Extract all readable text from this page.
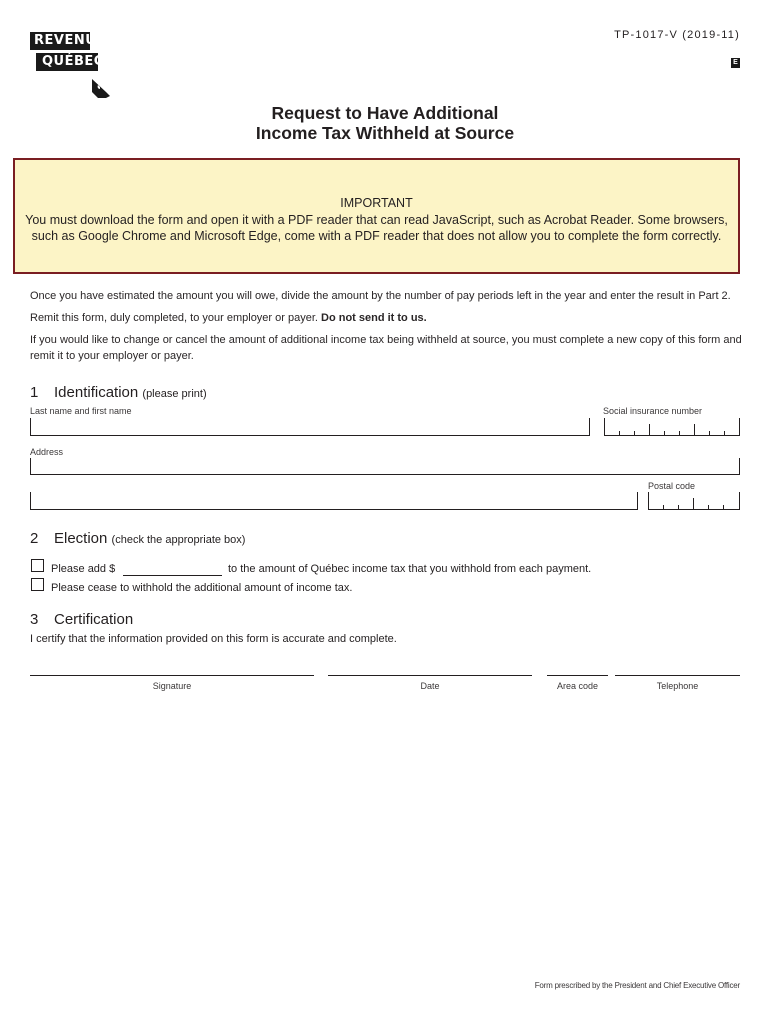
REVENU
QUÉBEC
TP-1017-V (2019-11)
E
Request to Have Additional
Income Tax Withheld at Source
IMPORTANT
You must download the form and open it with a PDF reader that can read JavaScript, such as Acrobat Reader. Some browsers, such as Google Chrome and Microsoft Edge, come with a PDF reader that does not allow you to complete the form correctly.
Once you have estimated the amount you will owe, divide the amount by the number of pay periods left in the year and enter the result in Part 2.
Remit this form, duly completed, to your employer or payer. Do not send it to us.
If you would like to change or cancel the amount of additional income tax being withheld at source, you must complete a new copy of this form and remit it to your employer or payer.
1 Identification (please print)
Last name and first name	Social insurance number
Address
Postal code
2 Election (check the appropriate box)
Please add $	to the amount of Québec income tax that you withhold from each payment.
Please cease to withhold the additional amount of income tax.
3 Certification
I certify that the information provided on this form is accurate and complete.
Signature	Date	Area code	Telephone
Form prescribed by the President and Chief Executive Officer
